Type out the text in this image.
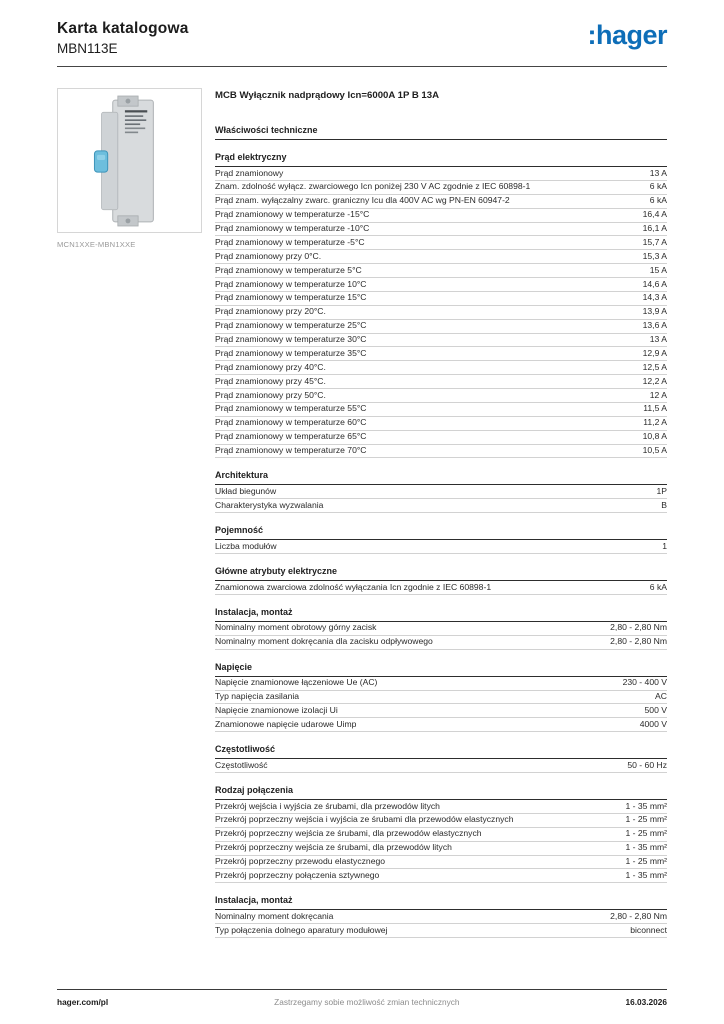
Karta katalogowa
MBN113E	:hager
MCN1XXE-MBN1XXE
MCB Wyłącznik nadprądowy Icn=6000A 1P B 13A
Właściwości techniczne
Prąd elektryczny
Prąd znamionowy	13 A
Znam. zdolność wyłącz. zwarciowego Icn poniżej 230 V AC zgodnie z IEC 60898-1	6 kA
Prąd znam. wyłączalny zwarc. graniczny Icu dla 400V AC wg PN-EN 60947-2	6 kA
Prąd znamionowy w temperaturze -15°C	16,4 A
Prąd znamionowy w temperaturze -10°C	16,1 A
Prąd znamionowy w temperaturze -5°C	15,7 A
Prąd znamionowy przy 0°C.	15,3 A
Prąd znamionowy w temperaturze 5°C	15 A
Prąd znamionowy w temperaturze 10°C	14,6 A
Prąd znamionowy w temperaturze 15°C	14,3 A
Prąd znamionowy przy 20°C.	13,9 A
Prąd znamionowy w temperaturze 25°C	13,6 A
Prąd znamionowy w temperaturze 30°C	13 A
Prąd znamionowy w temperaturze 35°C	12,9 A
Prąd znamionowy przy 40°C.	12,5 A
Prąd znamionowy przy 45°C.	12,2 A
Prąd znamionowy przy 50°C.	12 A
Prąd znamionowy w temperaturze 55°C	11,5 A
Prąd znamionowy w temperaturze 60°C	11,2 A
Prąd znamionowy w temperaturze 65°C	10,8 A
Prąd znamionowy w temperaturze 70°C	10,5 A
Architektura
Układ biegunów	1P
Charakterystyka wyzwalania	B
Pojemność
Liczba modułów	1
Główne atrybuty elektryczne
Znamionowa zwarciowa zdolność wyłączania Icn zgodnie z IEC 60898-1	6 kA
Instalacja, montaż
Nominalny moment obrotowy górny zacisk	2,80 - 2,80 Nm
Nominalny moment dokręcania dla zacisku odpływowego	2,80 - 2,80 Nm
Napięcie
Napięcie znamionowe łączeniowe Ue (AC)	230 - 400 V
Typ napięcia zasilania	AC
Napięcie znamionowe izolacji Ui	500 V
Znamionowe napięcie udarowe Uimp	4000 V
Częstotliwość
Częstotliwość	50 - 60 Hz
Rodzaj połączenia
Przekrój wejścia i wyjścia ze śrubami, dla przewodów litych	1 - 35 mm²
Przekrój poprzeczny wejścia i wyjścia ze śrubami dla przewodów elastycznych	1 - 25 mm²
Przekrój poprzeczny wejścia ze śrubami, dla przewodów elastycznych	1 - 25 mm²
Przekrój poprzeczny wejścia ze śrubami, dla przewodów litych	1 - 35 mm²
Przekrój poprzeczny przewodu elastycznego	1 - 25 mm²
Przekrój poprzeczny połączenia sztywnego	1 - 35 mm²
Instalacja, montaż
Nominalny moment dokręcania	2,80 - 2,80 Nm
Typ połączenia dolnego aparatury modułowej	biconnect
hager.com/pl	Zastrzegamy sobie możliwość zmian technicznych	16.03.2026
